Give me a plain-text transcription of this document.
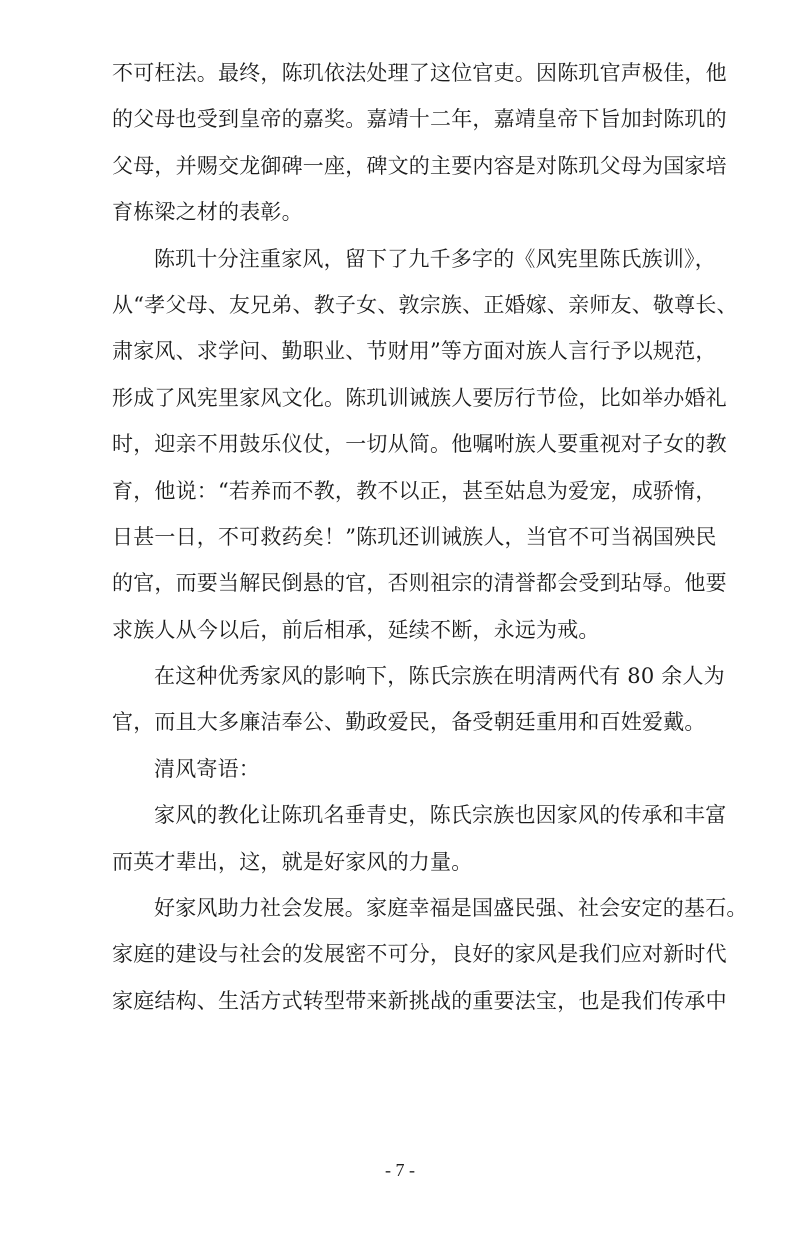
不可枉法。最终，陈玑依法处理了这位官吏。因陈玑官声极佳，他
的父母也受到皇帝的嘉奖。嘉靖十二年，嘉靖皇帝下旨加封陈玑的
父母，并赐交龙御碑一座，碑文的主要内容是对陈玑父母为国家培
育栋梁之材的表彰。
陈玑十分注重家风，留下了九千多字的《风宪里陈氏族训》，
从“孝父母、友兄弟、教子女、敦宗族、正婚嫁、亲师友、敬尊长、
肃家风、求学问、勤职业、节财用”等方面对族人言行予以规范，
形成了风宪里家风文化。陈玑训诫族人要厉行节俭，比如举办婚礼
时，迎亲不用鼓乐仪仗，一切从简。他嘱咐族人要重视对子女的教
育，他说：“若养而不教，教不以正，甚至姑息为爱宠，成骄惰，
日甚一日，不可救药矣！”陈玑还训诫族人，当官不可当祸国殃民
的官，而要当解民倒悬的官，否则祖宗的清誉都会受到玷辱。他要
求族人从今以后，前后相承，延续不断，永远为戒。
在这种优秀家风的影响下，陈氏宗族在明清两代有 80 余人为
官，而且大多廉洁奉公、勤政爱民，备受朝廷重用和百姓爱戴。
清风寄语：
家风的教化让陈玑名垂青史，陈氏宗族也因家风的传承和丰富
而英才辈出，这，就是好家风的力量。
好家风助力社会发展。家庭幸福是国盛民强、社会安定的基石。
家庭的建设与社会的发展密不可分，良好的家风是我们应对新时代
家庭结构、生活方式转型带来新挑战的重要法宝，也是我们传承中
- 7 -
